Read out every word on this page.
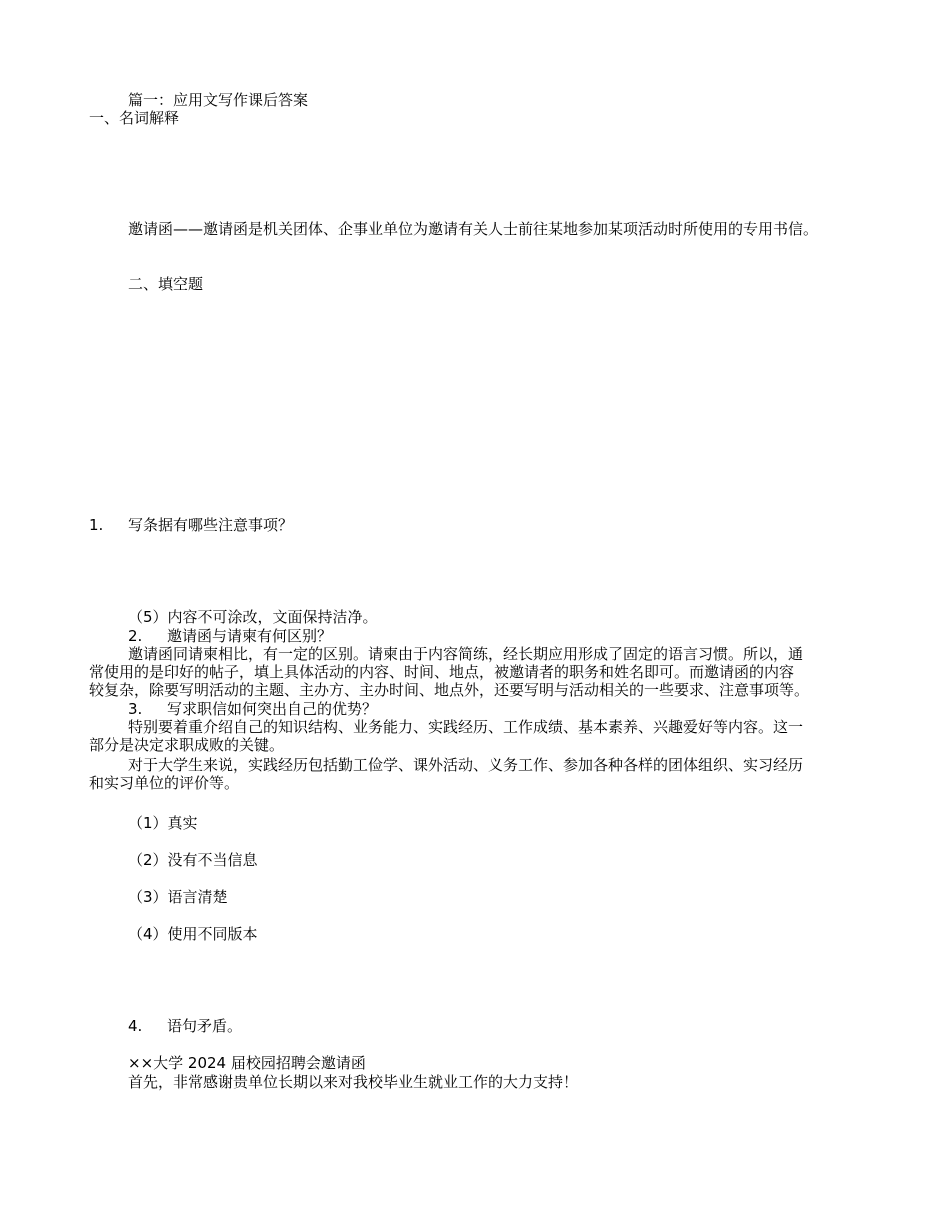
篇一：应用文写作课后答案
一、名词解释
邀请函——邀请函是机关团体、企事业单位为邀请有关人士前往某地参加某项活动时所使用的专用书信。
二、填空题
1. 写条据有哪些注意事项？
（5）内容不可涂改，文面保持洁净。
2. 邀请函与请柬有何区别？
邀请函同请柬相比，有一定的区别。请柬由于内容简练，经长期应用形成了固定的语言习惯。所以，通
常使用的是印好的帖子，填上具体活动的内容、时间、地点，被邀请者的职务和姓名即可。而邀请函的内容
较复杂，除要写明活动的主题、主办方、主办时间、地点外，还要写明与活动相关的一些要求、注意事项等。
3. 写求职信如何突出自己的优势？
特别要着重介绍自己的知识结构、业务能力、实践经历、工作成绩、基本素养、兴趣爱好等内容。这一
部分是决定求职成败的关键。
对于大学生来说，实践经历包括勤工俭学、课外活动、义务工作、参加各种各样的团体组织、实习经历
和实习单位的评价等。
（1）真实
（2）没有不当信息
（3）语言清楚
（4）使用不同版本
4. 语句矛盾。
××大学 2024 届校园招聘会邀请函
首先，非常感谢贵单位长期以来对我校毕业生就业工作的大力支持！
